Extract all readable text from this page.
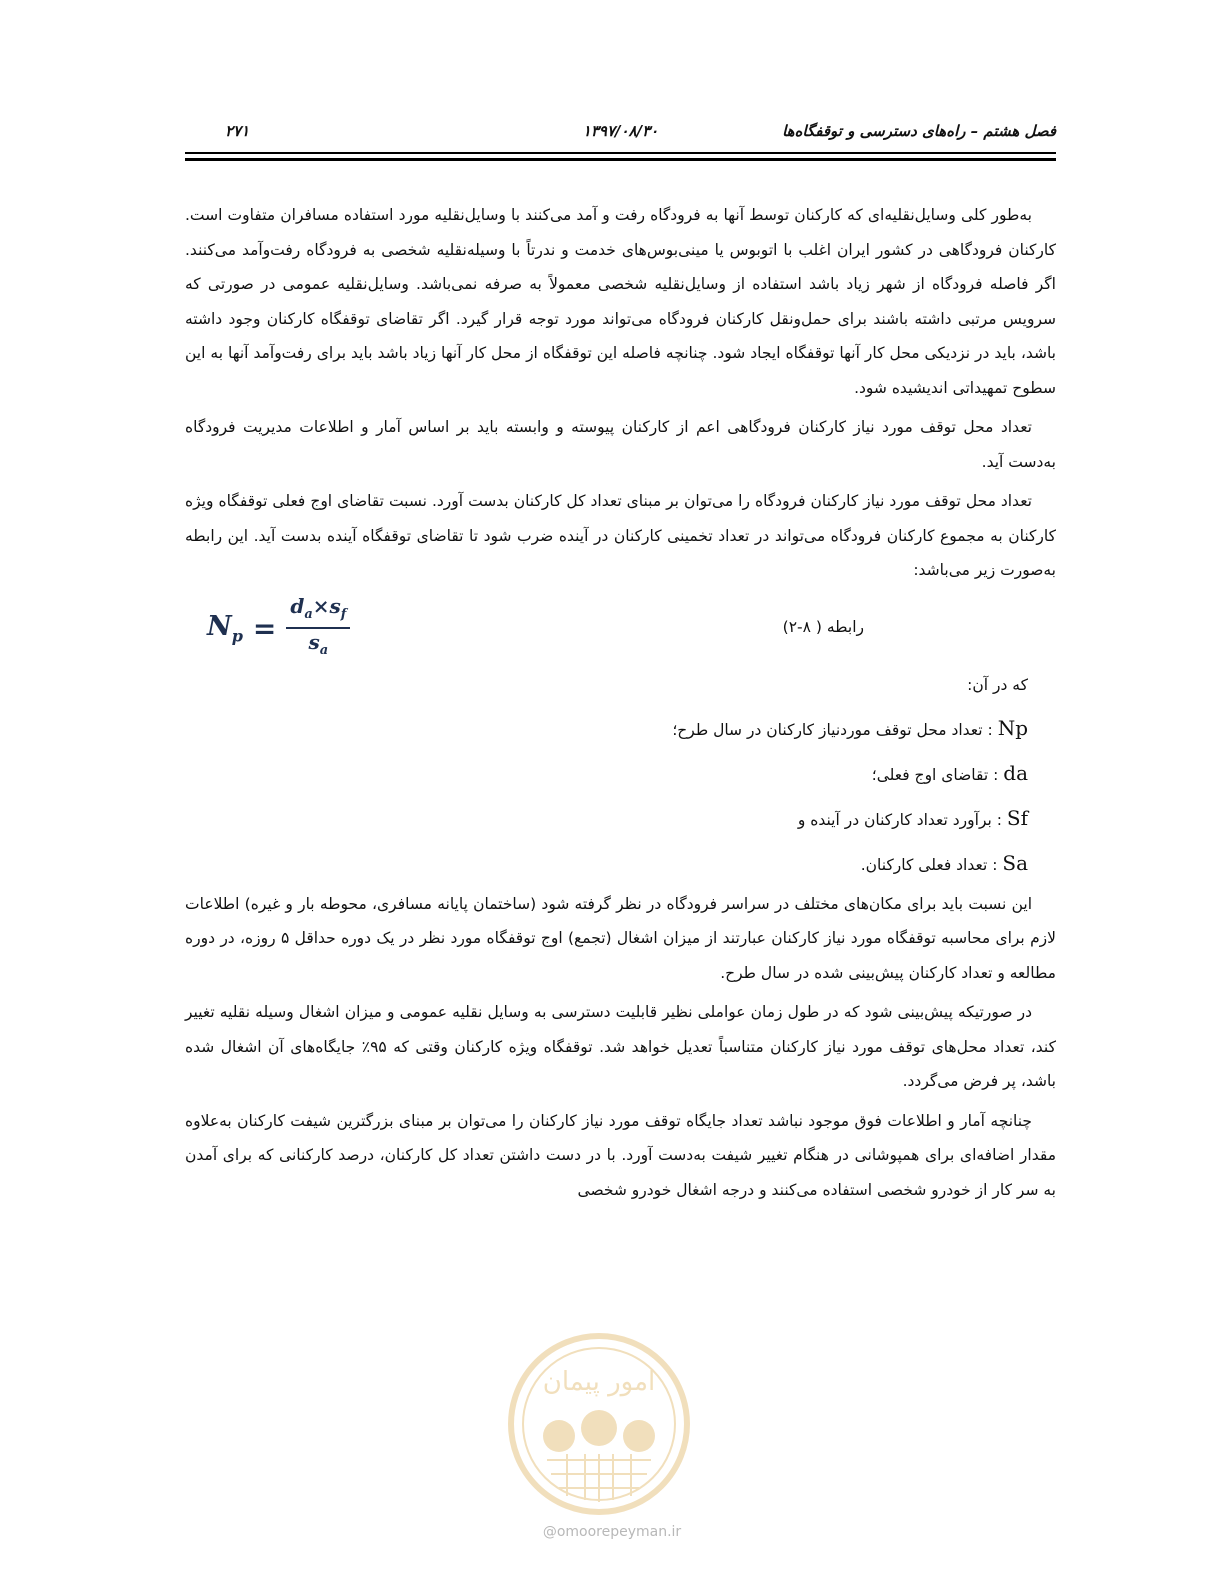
فصل هشتم – راه‌های دسترسی و توقفگاه‌ها
۱۳۹۷/۰۸/۳۰
۲۷۱

به‌طور کلی وسایل‌نقلیه‌ای که کارکنان توسط آنها به فرودگاه رفت و آمد می‌کنند با وسایل‌نقلیه مورد استفاده مسافران متفاوت است. کارکنان فرودگاهی در کشور ایران اغلب با اتوبوس یا مینی‌بوس‌های خدمت و ندرتاً با وسیله‌نقلیه شخصی به فرودگاه رفت‌وآمد می‌کنند. اگر فاصله فرودگاه از شهر زیاد باشد استفاده از وسایل‌نقلیه شخصی معمولاً به صرفه نمی‌باشد. وسایل‌نقلیه عمومی در صورتی که سرویس مرتبی داشته باشند برای حمل‌ونقل کارکنان فرودگاه می‌تواند مورد توجه قرار گیرد. اگر تقاضای توقفگاه کارکنان وجود داشته باشد، باید در نزدیکی محل کار آنها توقفگاه ایجاد شود. چنانچه فاصله این توقفگاه از محل کار آنها زیاد باشد باید برای رفت‌وآمد آنها به این سطوح تمهیداتی اندیشیده شود.

تعداد محل توقف مورد نیاز کارکنان فرودگاهی اعم از کارکنان پیوسته و وابسته باید بر اساس آمار و اطلاعات مدیریت فرودگاه به‌دست آید.

تعداد محل توقف مورد نیاز کارکنان فرودگاه را می‌توان بر مبنای تعداد کل کارکنان بدست آورد. نسبت تقاضای اوج فعلی توقفگاه ویژه کارکنان به مجموع کارکنان فرودگاه می‌تواند در تعداد تخمینی کارکنان در آینده ضرب شود تا تقاضای توقفگاه آینده بدست آید. این رابطه به‌صورت زیر می‌باشد:

رابطه ( ۸-۲)
$N_p = \frac{d_a\times s_f}{s_a}$
که در آن:
Np : تعداد محل توقف موردنیاز کارکنان در سال طرح؛
da : تقاضای اوج فعلی؛
Sf : برآورد تعداد کارکنان در آینده و
Sa : تعداد فعلی کارکنان.

این نسبت باید برای مکان‌های مختلف در سراسر فرودگاه در نظر گرفته شود (ساختمان پایانه مسافری، محوطه بار و غیره) اطلاعات لازم برای محاسبه توقفگاه مورد نیاز کارکنان عبارتند از میزان اشغال (تجمع) اوج توقفگاه مورد نظر در یک دوره حداقل ۵ روزه، در دوره مطالعه و تعداد کارکنان پیش‌بینی شده در سال طرح.

در صورتیکه پیش‌بینی شود که در طول زمان عواملی نظیر قابلیت دسترسی به وسایل نقلیه عمومی و میزان اشغال وسیله نقلیه تغییر کند، تعداد محل‌های توقف مورد نیاز کارکنان متناسباً تعدیل خواهد شد. توقفگاه ویژه کارکنان وقتی که ۹۵٪ جایگاه‌های آن اشغال شده باشد، پر فرض می‌گردد.

چنانچه آمار و اطلاعات فوق موجود نباشد تعداد جایگاه توقف مورد نیاز کارکنان را می‌توان بر مبنای بزرگترین شیفت کارکنان به‌علاوه مقدار اضافه‌ای برای همپوشانی در هنگام تغییر شیفت به‌دست آورد. با در دست داشتن تعداد کل کارکنان، درصد کارکنانی که برای آمدن به سر کار از خودرو شخصی استفاده می‌کنند و درجه اشغال خودرو شخصی

امور پیمان
@omoorepeyman.ir
